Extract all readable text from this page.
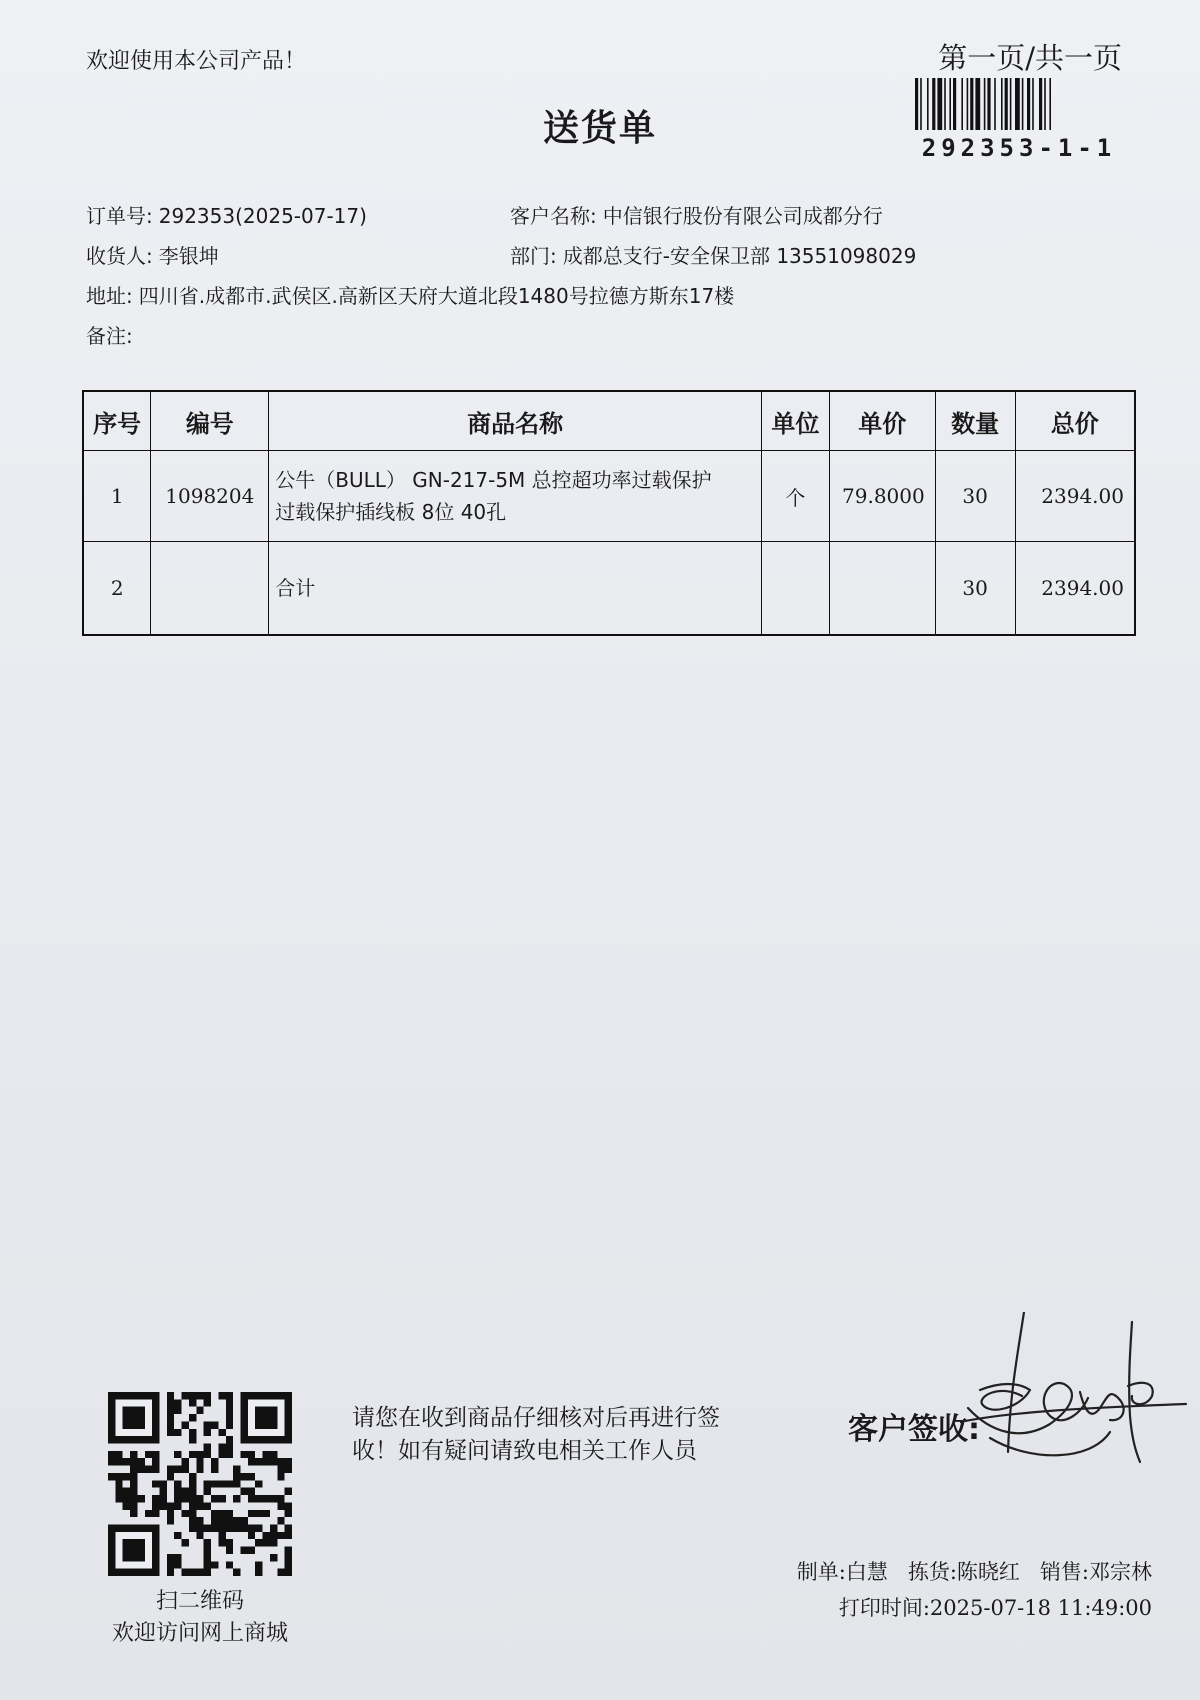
欢迎使用本公司产品！	第一页/共一页
292353-1-1
送货单
订单号: 292353(2025-07-17)	客户名称: 中信银行股份有限公司成都分行
收货人: 李银坤	部门: 成都总支行-安全保卫部 13551098029
地址: 四川省.成都市.武侯区.高新区天府大道北段1480号拉德方斯东17楼
备注:
序号	编号	商品名称	单位	单价	数量	总价
1	1098204	公牛（BULL） GN-217-5M 总控超功率过载保护
过载保护插线板 8位 40孔	个	79.8000	30	2394.00
2		合计			30	2394.00
扫二维码
欢迎访问网上商城
请您在收到商品仔细核对后再进行签
收！如有疑问请致电相关工作人员
客户签收:
制单:白慧 拣货:陈晓红 销售:邓宗林
打印时间:2025-07-18 11:49:00
